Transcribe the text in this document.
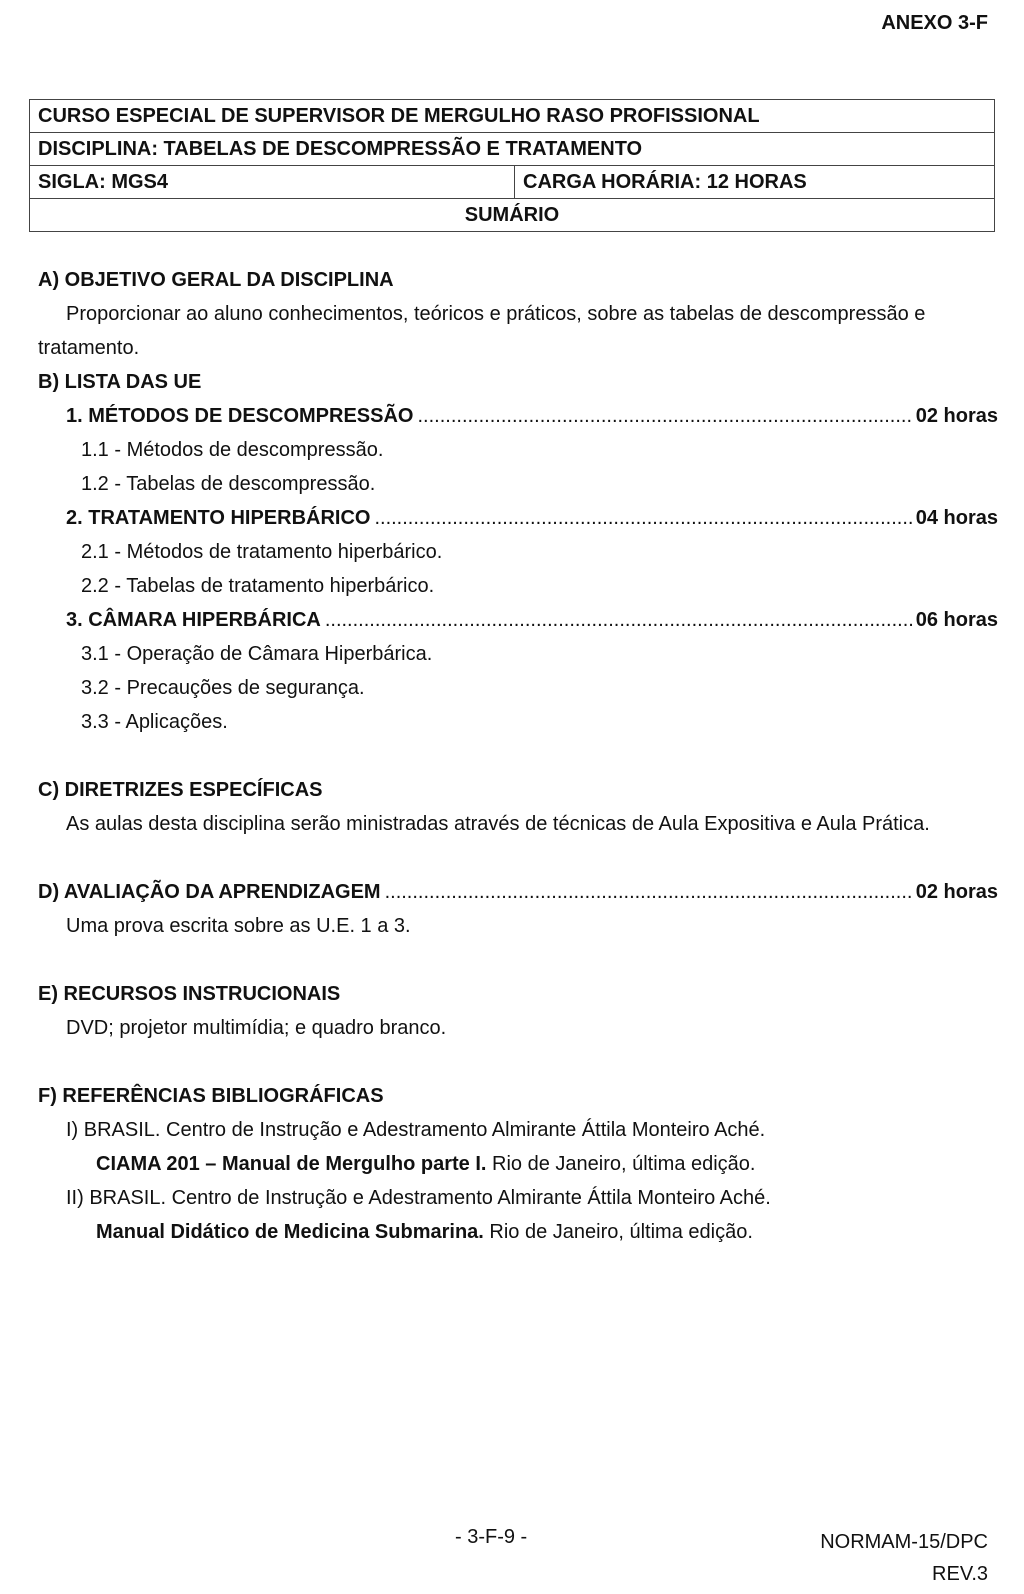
ANEXO 3-F
CURSO ESPECIAL DE SUPERVISOR DE MERGULHO RASO PROFISSIONAL
DISCIPLINA: TABELAS DE DESCOMPRESSÃO E TRATAMENTO
SIGLA: MGS4	CARGA HORÁRIA: 12 HORAS
SUMÁRIO
A) OBJETIVO GERAL DA DISCIPLINA
Proporcionar ao aluno conhecimentos, teóricos e práticos, sobre as tabelas de descompressão e tratamento.
B) LISTA DAS UE
1. MÉTODOS DE DESCOMPRESSÃO .....	02 horas
1.1 - Métodos de descompressão.
1.2 - Tabelas de descompressão.
2. TRATAMENTO HIPERBÁRICO .....	04 horas
2.1 - Métodos de tratamento hiperbárico.
2.2 - Tabelas de tratamento hiperbárico.
3. CÂMARA HIPERBÁRICA .....	06 horas
3.1 - Operação de Câmara Hiperbárica.
3.2 - Precauções de segurança.
3.3 - Aplicações.
C) DIRETRIZES ESPECÍFICAS
As aulas desta disciplina serão ministradas através de técnicas de Aula Expositiva e Aula Prática.
D) AVALIAÇÃO DA APRENDIZAGEM .....	02 horas
Uma prova escrita sobre as U.E. 1 a 3.
E) RECURSOS INSTRUCIONAIS
DVD; projetor multimídia; e quadro branco.
F) REFERÊNCIAS BIBLIOGRÁFICAS
I) BRASIL. Centro de Instrução e Adestramento Almirante Áttila Monteiro Aché.
CIAMA 201 – Manual de Mergulho parte I. Rio de Janeiro, última edição.
II) BRASIL. Centro de Instrução e Adestramento Almirante Áttila Monteiro Aché.
Manual Didático de Medicina Submarina. Rio de Janeiro, última edição.
- 3-F-9 -	NORMAM-15/DPC
REV.3
